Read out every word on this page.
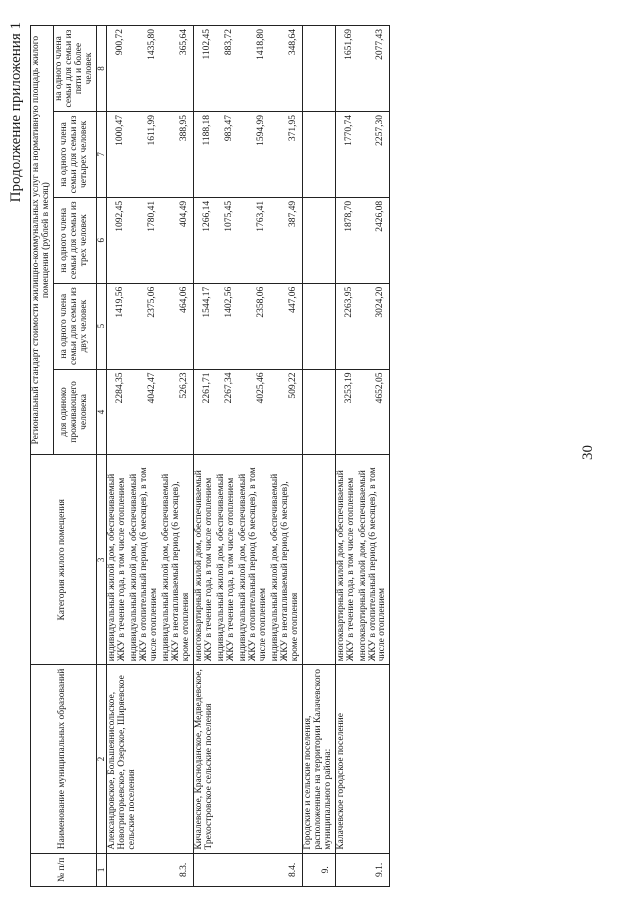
30
Продолжение приложения 1
№ п/п	Наименование муниципальных образований	Категория жилого помещения	Региональный стандарт стоимости жилищно-коммунальных услуг на нормативную площадь жилого помещения (рублей в месяц)				
			для одиноко проживающего человека	на одного члена семьи для семьи из двух человек	на одного члена семьи для семьи из трех человек	на одного члена семьи для семьи из четырех человек	на одного члена семьи для семьи из пяти и более человек
1	2	3	4	5	6	7	8
8.3.	Александровское, Большеянисольское, Новогригорьевское, Озерское, Ширяевское сельские поселения	индивидуальный жилой дом, обеспечиваемый ЖКУ в течение года, в том числе отоплением	2284,35	1419,56	1092,45	1000,47	900,72
		индивидуальный жилой дом, обеспечиваемый ЖКУ в отопительный период (6 месяцев), в том числе отоплением	4042,47	2375,06	1780,41	1611,99	1435,80
		индивидуальный жилой дом, обеспечиваемый ЖКУ в неотапливаемый период (6 месяцев), кроме отопления	526,23	464,06	404,49	388,95	365,64
8.4.	Кичалевское, Красноданское, Медведевское, Трехостровское сельские поселения	многоквартирный жилой дом, обеспечиваемый ЖКУ в течение года, в том числе отоплением	2261,71	1544,17	1266,14	1188,18	1102,45
		индивидуальный жилой дом, обеспечиваемый ЖКУ в течение года, в том числе отоплением	2267,34	1402,56	1075,45	983,47	883,72
		индивидуальный жилой дом, обеспечиваемый ЖКУ в отопительный период (6 месяцев), в том числе отоплением	4025,46	2358,06	1763,41	1594,99	1418,80
		индивидуальный жилой дом, обеспечиваемый ЖКУ в неотапливаемый период (6 месяцев), кроме отопления	509,22	447,06	387,49	371,95	348,64
9.	Городские и сельские поселения, расположенные на территории Калачевского муниципального района:						
9.1.	Калачевское городское поселение	многоквартирный жилой дом, обеспечиваемый ЖКУ в течение года, в том числе отоплением	3253,19	2263,95	1878,70	1770,74	1651,69
		многоквартирный жилой дом, обеспечиваемый ЖКУ в отопительный период (6 месяцев), в том числе отоплением	4652,05	3024,20	2426,08	2257,30	2077,43
